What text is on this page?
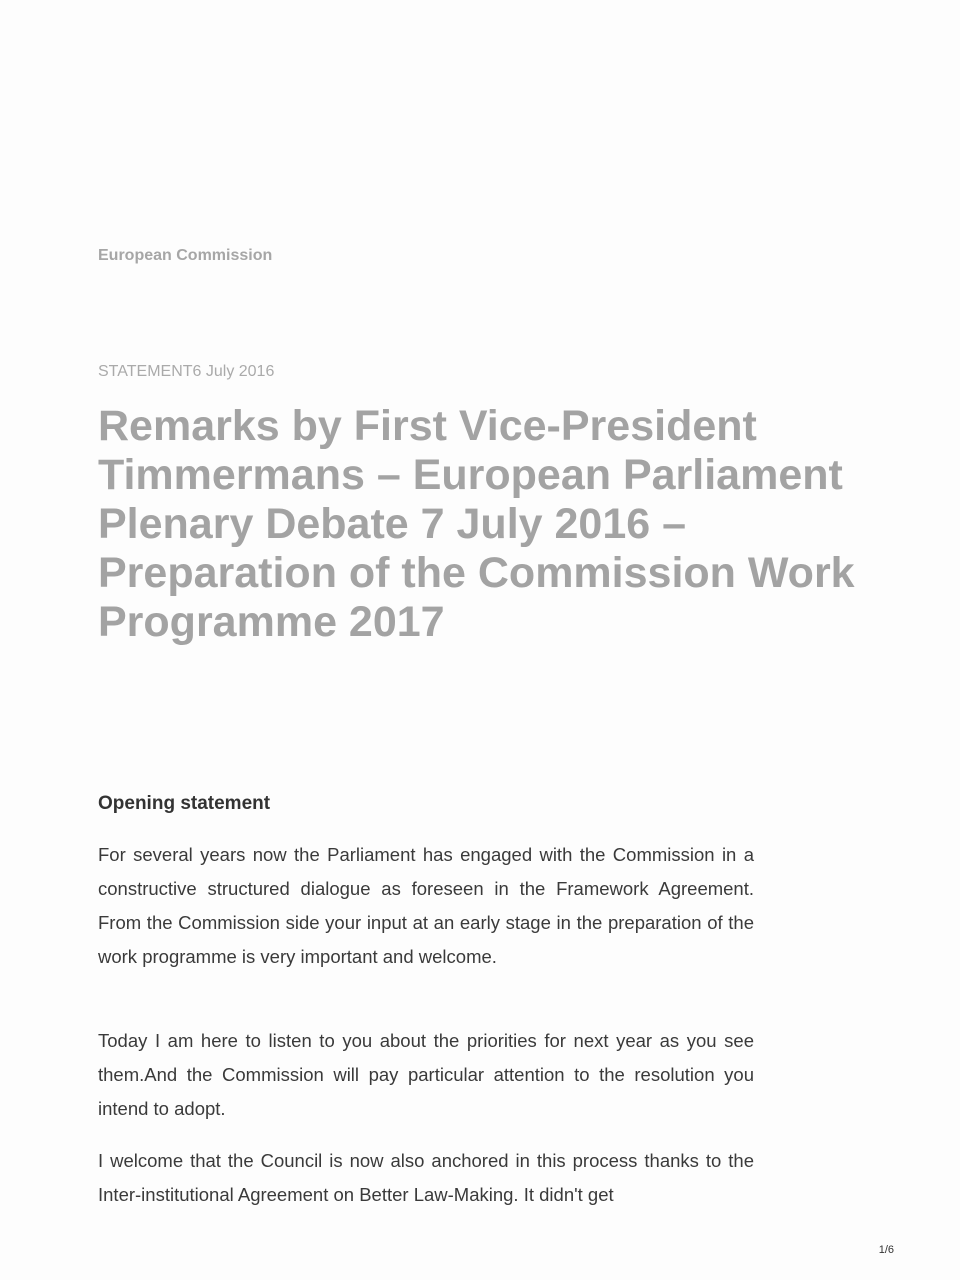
European Commission

STATEMENT6 July 2016

Remarks by First Vice-President Timmermans – European Parliament Plenary Debate 7 July 2016 – Preparation of the Commission Work Programme 2017
Opening statement

For several years now the Parliament has engaged with the Commission in a constructive structured dialogue as foreseen in the Framework Agreement. From the Commission side your input at an early stage in the preparation of the work programme is very important and welcome.

Today I am here to listen to you about the priorities for next year as you see them.And the Commission will pay particular attention to the resolution you intend to adopt.

I welcome that the Council is now also anchored in this process thanks to the Inter-institutional Agreement on Better Law-Making. It didn't get

1/6
